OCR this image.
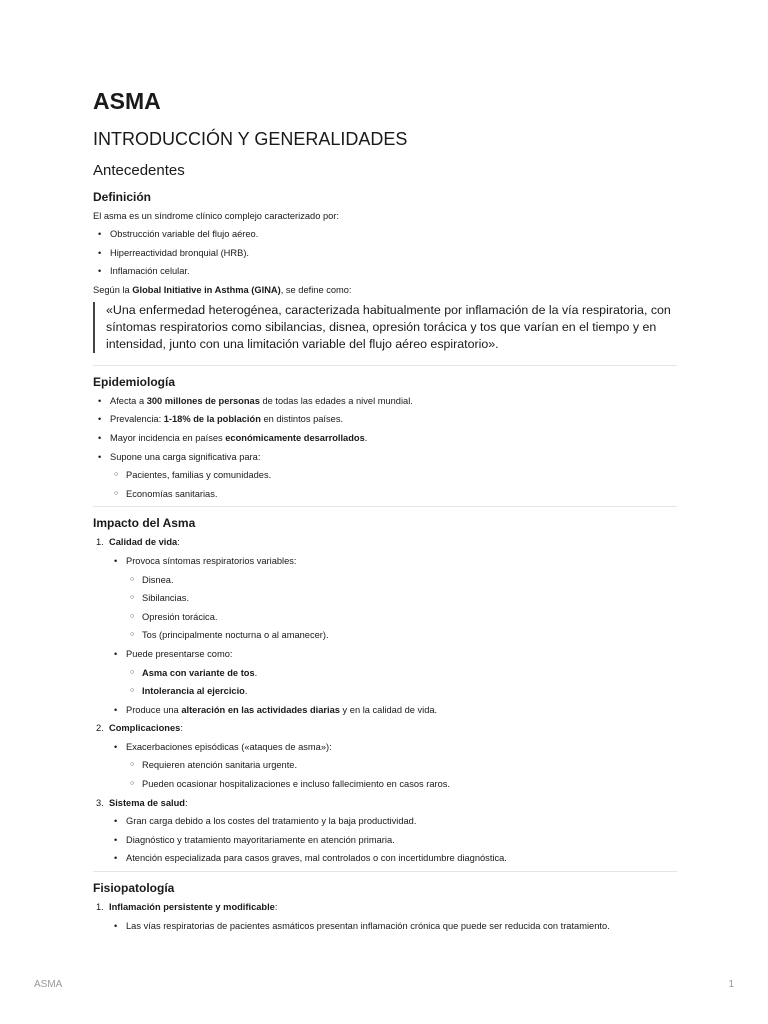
ASMA
INTRODUCCIÓN Y GENERALIDADES
Antecedentes
Definición

El asma es un síndrome clínico complejo caracterizado por:

• Obstrucción variable del flujo aéreo.
• Hiperreactividad bronquial (HRB).
• Inflamación celular.

Según la Global Initiative in Asthma (GINA), se define como:

«Una enfermedad heterogénea, caracterizada habitualmente por inflamación de la vía respiratoria, con síntomas respiratorios como sibilancias, disnea, opresión torácica y tos que varían en el tiempo y en intensidad, junto con una limitación variable del flujo aéreo espiratorio».
Epidemiología
• Afecta a 300 millones de personas de todas las edades a nivel mundial.
• Prevalencia: 1-18% de la población en distintos países.
• Mayor incidencia en países económicamente desarrollados.
• Supone una carga significativa para:
○ Pacientes, familias y comunidades.
○ Economías sanitarias.
Impacto del Asma
1. Calidad de vida:
• Provoca síntomas respiratorios variables:
○ Disnea.
○ Sibilancias.
○ Opresión torácica.
○ Tos (principalmente nocturna o al amanecer).
• Puede presentarse como:
○ Asma con variante de tos.
○ Intolerancia al ejercicio.
• Produce una alteración en las actividades diarias y en la calidad de vida.
2. Complicaciones:
• Exacerbaciones episódicas («ataques de asma»):
○ Requieren atención sanitaria urgente.
○ Pueden ocasionar hospitalizaciones e incluso fallecimiento en casos raros.
3. Sistema de salud:
• Gran carga debido a los costes del tratamiento y la baja productividad.
• Diagnóstico y tratamiento mayoritariamente en atención primaria.
• Atención especializada para casos graves, mal controlados o con incertidumbre diagnóstica.
Fisiopatología
1. Inflamación persistente y modificable:
• Las vías respiratorias de pacientes asmáticos presentan inflamación crónica que puede ser reducida con tratamiento.
ASMA	1
